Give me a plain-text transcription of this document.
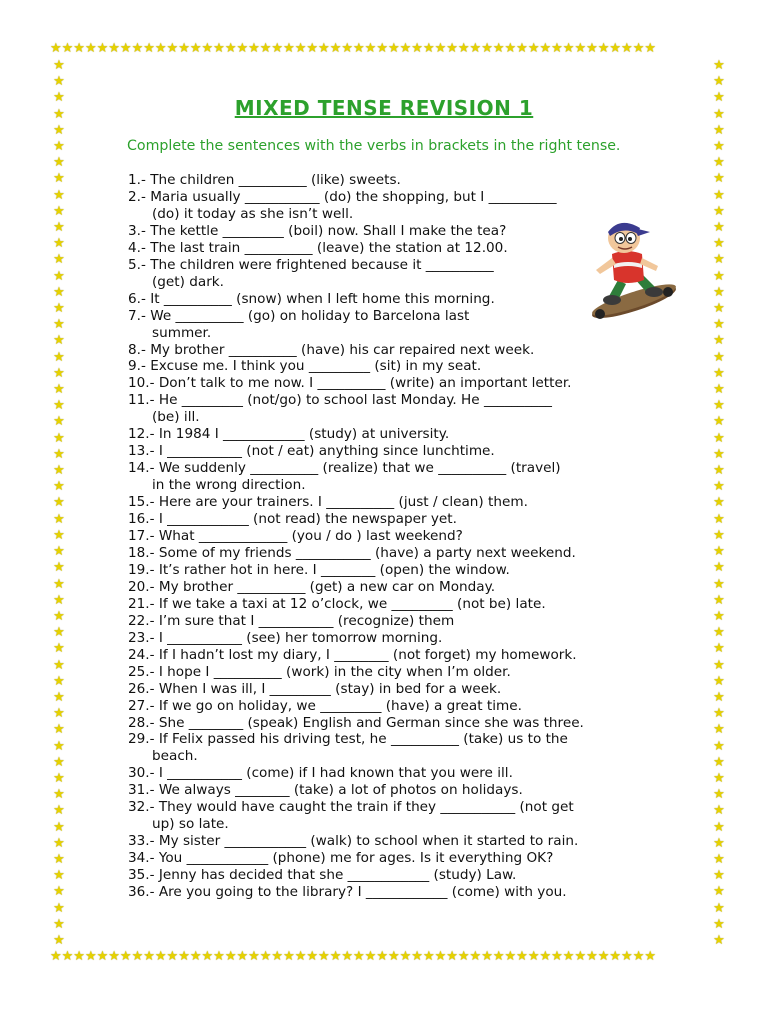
★★★★★★★★★★★★★★★★★★★★★★★★★★★★★★★★★★★★★★★★★★★★★★★★★★★★
★★★★★★★★★★★★★★★★★★★★★★★★★★★★★★★★★★★★★★★★★★★★★★★★★★★★
★
★
★
★
★
★
★
★
★
★
★
★
★
★
★
★
★
★
★
★
★
★
★
★
★
★
★
★
★
★
★
★
★
★
★
★
★
★
★
★
★
★
★
★
★
★
★
★
★
★
★
★
★
★
★
★
★
★
★
★
★
★
★
★
★
★
★
★
★
★
★
★
★
★
★
★
★
★
★
★
★
★
★
★
★
★
★
★
★
★
★
★
★
★
★
★
★
★
★
★
★
★
★
★
★
★
★
★
★
★
MIXED TENSE REVISION 1
Complete the sentences with the verbs in brackets in the right tense.
1.- The children __________ (like) sweets.
2.- Maria usually ___________ (do) the shopping, but I __________
(do) it today as she isn’t well.
3.- The kettle _________ (boil) now. Shall I make the tea?
4.- The last train __________ (leave) the station at 12.00.
5.- The children were frightened because it __________
(get) dark.
6.- It __________ (snow) when I left home this morning.
7.- We __________ (go) on holiday to Barcelona last
summer.
8.- My brother __________ (have) his car repaired next week.
9.- Excuse me. I think you _________ (sit) in my seat.
10.- Don’t talk to me now. I __________ (write) an important letter.
11.- He _________ (not/go) to school last Monday. He __________
(be) ill.
12.- In 1984 I ____________ (study) at university.
13.- I ___________ (not / eat) anything since lunchtime.
14.- We suddenly __________ (realize) that we __________ (travel)
in the wrong direction.
15.- Here are your trainers. I __________ (just / clean) them.
16.- I ____________ (not read) the newspaper yet.
17.- What _____________ (you / do ) last weekend?
18.- Some of my friends ___________ (have) a party next weekend.
19.- It’s rather hot in here. I ________ (open) the window.
20.- My brother __________ (get) a new car on Monday.
21.- If we take a taxi at 12 o’clock, we _________ (not be) late.
22.- I’m sure that I ___________ (recognize) them
23.- I ___________ (see) her tomorrow morning.
24.- If I hadn’t lost my diary, I ________ (not forget) my homework.
25.- I hope I __________ (work) in the city when I’m older.
26.- When I was ill, I _________ (stay) in bed for a week.
27.- If we go on holiday, we _________ (have) a great time.
28.- She ________ (speak) English and German since she was three.
29.- If Felix passed his driving test, he __________ (take) us to the
beach.
30.- I ___________ (come) if I had known that you were ill.
31.- We always ________ (take) a lot of photos on holidays.
32.- They would have caught the train if they ___________ (not get
up) so late.
33.- My sister ____________ (walk) to school when it started to rain.
34.- You ____________ (phone) me for ages. Is it everything OK?
35.- Jenny has decided that she ____________ (study) Law.
36.- Are you going to the library? I ____________ (come) with you.
